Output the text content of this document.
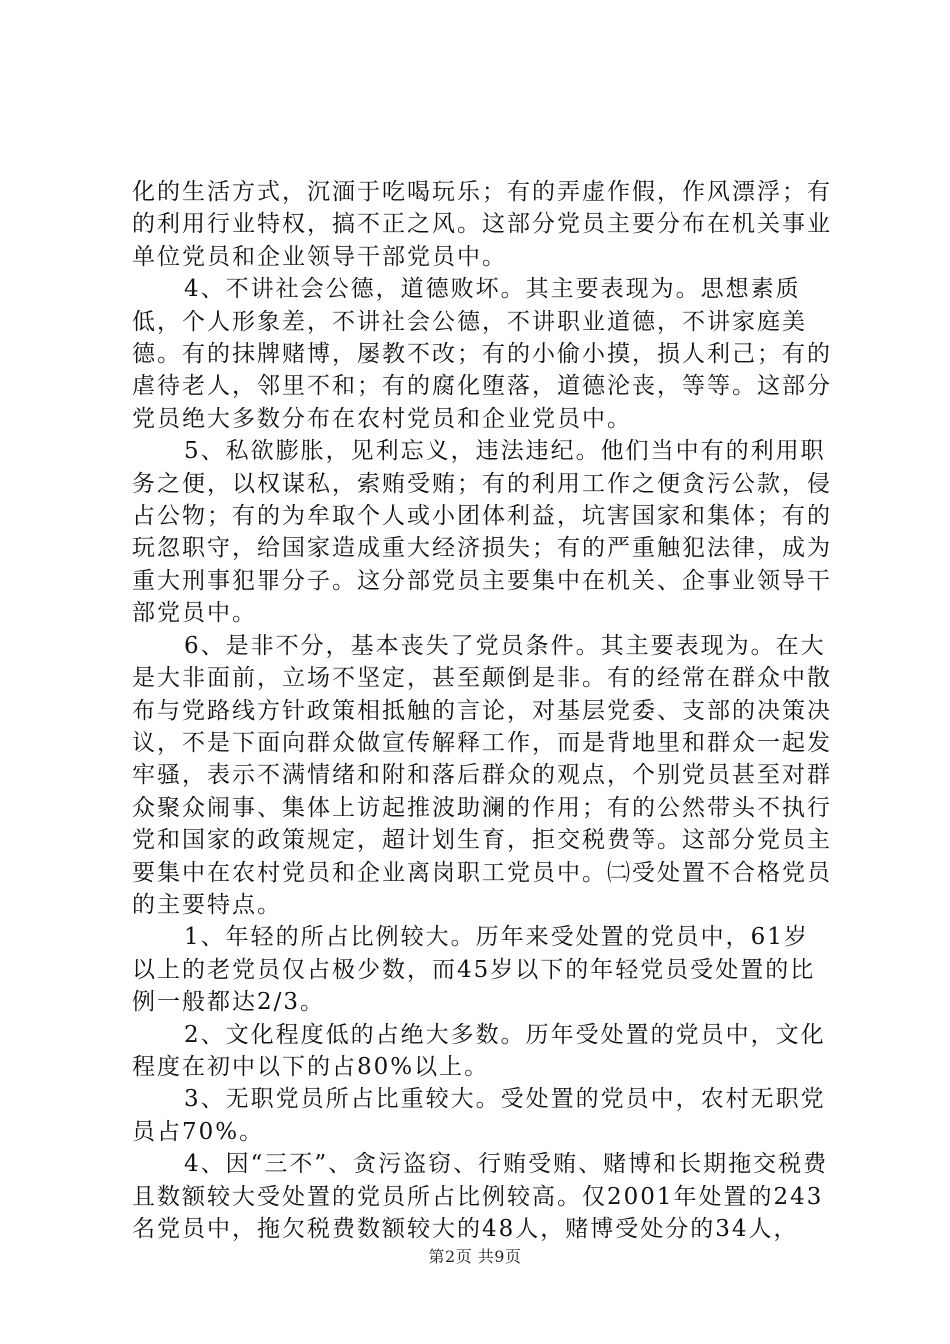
化的生活方式，沉湎于吃喝玩乐；有的弄虚作假，作风漂浮；有的利用行业特权，搞不正之风。这部分党员主要分布在机关事业单位党员和企业领导干部党员中。

4、不讲社会公德，道德败坏。其主要表现为。思想素质低，个人形象差，不讲社会公德，不讲职业道德，不讲家庭美德。有的抹牌赌博，屡教不改；有的小偷小摸，损人利己；有的虐待老人，邻里不和；有的腐化堕落，道德沦丧，等等。这部分党员绝大多数分布在农村党员和企业党员中。

5、私欲膨胀，见利忘义，违法违纪。他们当中有的利用职务之便，以权谋私，索贿受贿；有的利用工作之便贪污公款，侵占公物；有的为牟取个人或小团体利益，坑害国家和集体；有的玩忽职守，给国家造成重大经济损失；有的严重触犯法律，成为重大刑事犯罪分子。这分部党员主要集中在机关、企事业领导干部党员中。

6、是非不分，基本丧失了党员条件。其主要表现为。在大是大非面前，立场不坚定，甚至颠倒是非。有的经常在群众中散布与党路线方针政策相抵触的言论，对基层党委、支部的决策决议，不是下面向群众做宣传解释工作，而是背地里和群众一起发牢骚，表示不满情绪和附和落后群众的观点，个别党员甚至对群众聚众闹事、集体上访起推波助澜的作用；有的公然带头不执行党和国家的政策规定，超计划生育，拒交税费等。这部分党员主要集中在农村党员和企业离岗职工党员中。㈡受处置不合格党员的主要特点。

1、年轻的所占比例较大。历年来受处置的党员中，61岁以上的老党员仅占极少数，而45岁以下的年轻党员受处置的比例一般都达2/3。

2、文化程度低的占绝大多数。历年受处置的党员中，文化程度在初中以下的占80%以上。

3、无职党员所占比重较大。受处置的党员中，农村无职党员占70%。

4、因“三不”、贪污盗窃、行贿受贿、赌博和长期拖交税费且数额较大受处置的党员所占比例较高。仅2001年处置的243名党员中，拖欠税费数额较大的48人，赌博受处分的34人，

第2页 共9页
